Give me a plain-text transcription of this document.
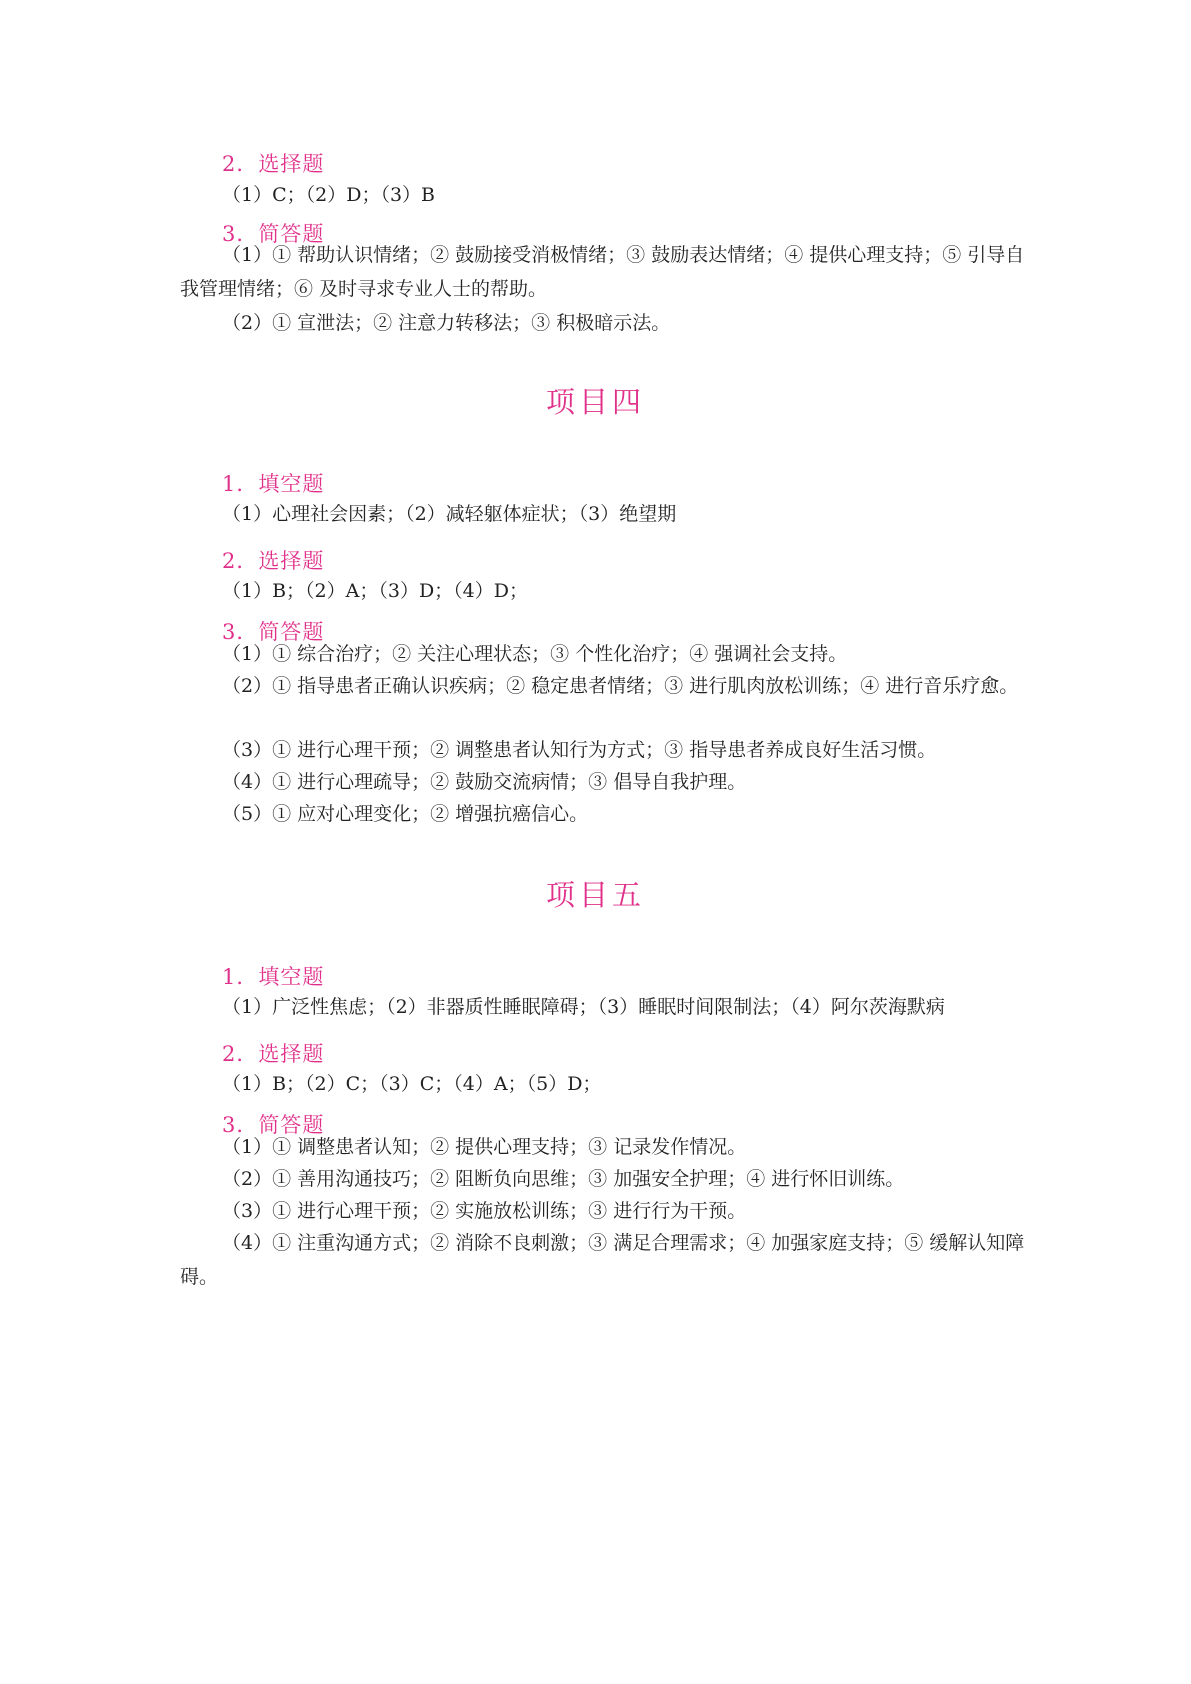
2．选择题
（1）C；（2）D；（3）B
3．简答题
（1）① 帮助认识情绪；② 鼓励接受消极情绪；③ 鼓励表达情绪；④ 提供心理支持；⑤ 引导自我管理情绪；⑥ 及时寻求专业人士的帮助。
（2）① 宣泄法；② 注意力转移法；③ 积极暗示法。
项目四
1．填空题
（1）心理社会因素；（2）减轻躯体症状；（3）绝望期
2．选择题
（1）B；（2）A；（3）D；（4）D；
3．简答题
（1）① 综合治疗；② 关注心理状态；③ 个性化治疗；④ 强调社会支持。
（2）① 指导患者正确认识疾病；② 稳定患者情绪；③ 进行肌肉放松训练；④ 进行音乐疗愈。
（3）① 进行心理干预；② 调整患者认知行为方式；③ 指导患者养成良好生活习惯。
（4）① 进行心理疏导；② 鼓励交流病情；③ 倡导自我护理。
（5）① 应对心理变化；② 增强抗癌信心。
项目五
1．填空题
（1）广泛性焦虑；（2）非器质性睡眠障碍；（3）睡眠时间限制法；（4）阿尔茨海默病
2．选择题
（1）B；（2）C；（3）C；（4）A；（5）D；
3．简答题
（1）① 调整患者认知；② 提供心理支持；③ 记录发作情况。
（2）① 善用沟通技巧；② 阻断负向思维；③ 加强安全护理；④ 进行怀旧训练。
（3）① 进行心理干预；② 实施放松训练；③ 进行行为干预。
（4）① 注重沟通方式；② 消除不良刺激；③ 满足合理需求；④ 加强家庭支持；⑤ 缓解认知障碍。
